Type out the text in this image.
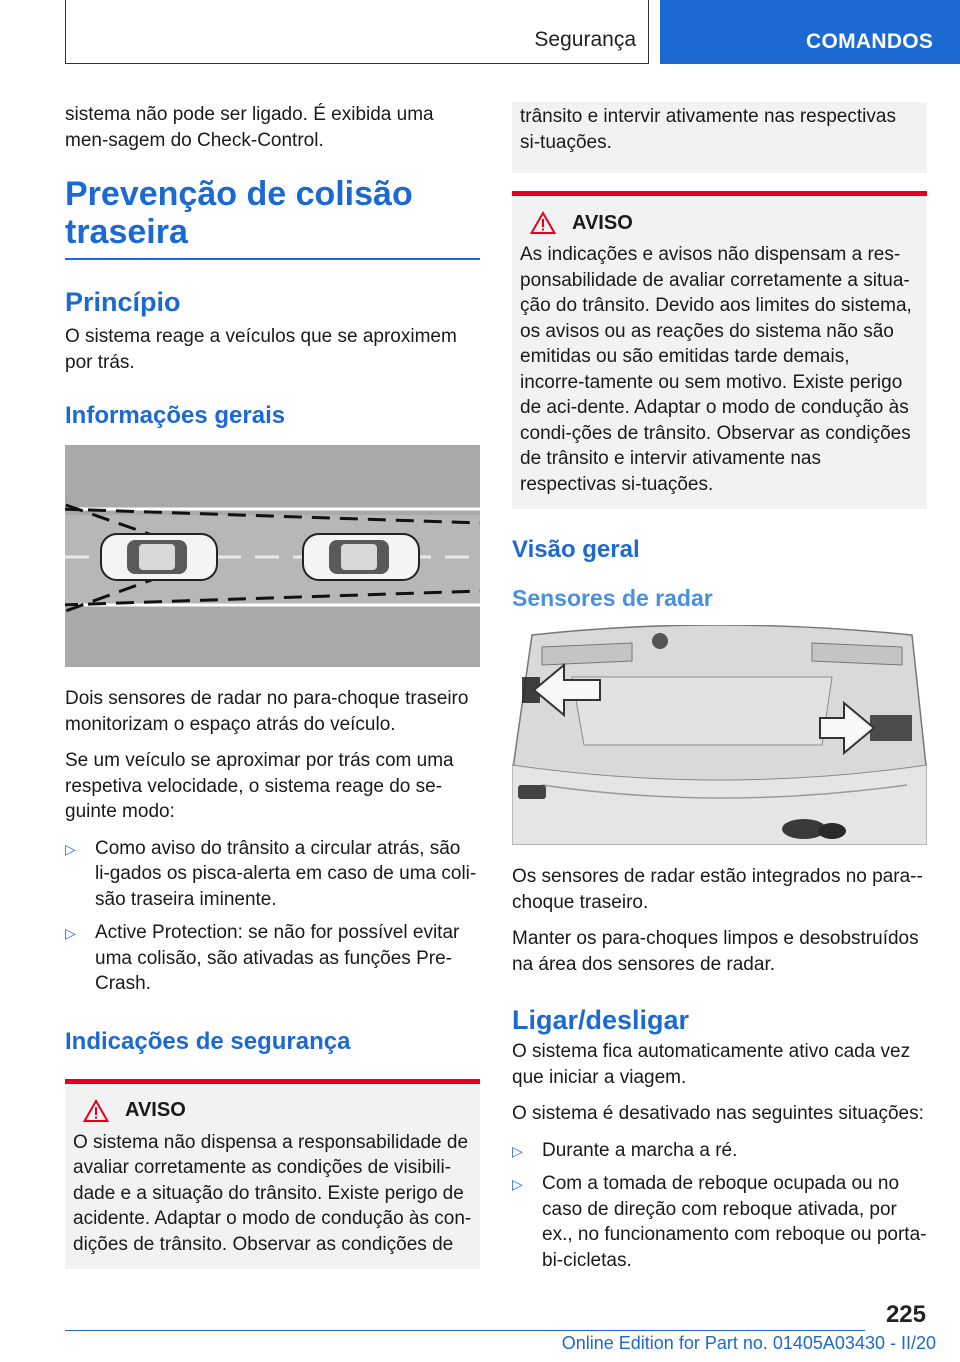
Segurança	COMANDOS

sistema não pode ser ligado. É exibida uma men-sagem do Check-Control.

Prevenção de colisão traseira
Princípio

O sistema reage a veículos que se aproximem por trás.

Informações gerais

Dois sensores de radar no para-choque traseiro monitorizam o espaço atrás do veículo.

Se um veículo se aproximar por trás com uma respetiva velocidade, o sistema reage do se-guinte modo:

▷	Como aviso do trânsito a circular atrás, são li-gados os pisca-alerta em caso de uma coli-são traseira iminente.
▷	Active Protection: se não for possível evitar uma colisão, são ativadas as funções Pre-Crash.
Indicações de segurança
AVISO

O sistema não dispensa a responsabilidade de avaliar corretamente as condições de visibili-dade e a situação do trânsito. Existe perigo de acidente. Adaptar o modo de condução às con-dições de trânsito. Observar as condições de

trânsito e intervir ativamente nas respectivas si-tuações.

AVISO

As indicações e avisos não dispensam a res-ponsabilidade de avaliar corretamente a situa-ção do trânsito. Devido aos limites do sistema, os avisos ou as reações do sistema não são emitidas ou são emitidas tarde demais, incorre-tamente ou sem motivo. Existe perigo de aci-dente. Adaptar o modo de condução às condi-ções de trânsito. Observar as condições de trânsito e intervir ativamente nas respectivas si-tuações.

Visão geral
Sensores de radar

Os sensores de radar estão integrados no para--choque traseiro.

Manter os para-choques limpos e desobstruídos na área dos sensores de radar.

Ligar/desligar

O sistema fica automaticamente ativo cada vez que iniciar a viagem.

O sistema é desativado nas seguintes situações:

▷	Durante a marcha a ré.
▷	Com a tomada de reboque ocupada ou no caso de direção com reboque ativada, por ex., no funcionamento com reboque ou porta-bi-cicletas.
225
Online Edition for Part no. 01405A03430 - II/20
